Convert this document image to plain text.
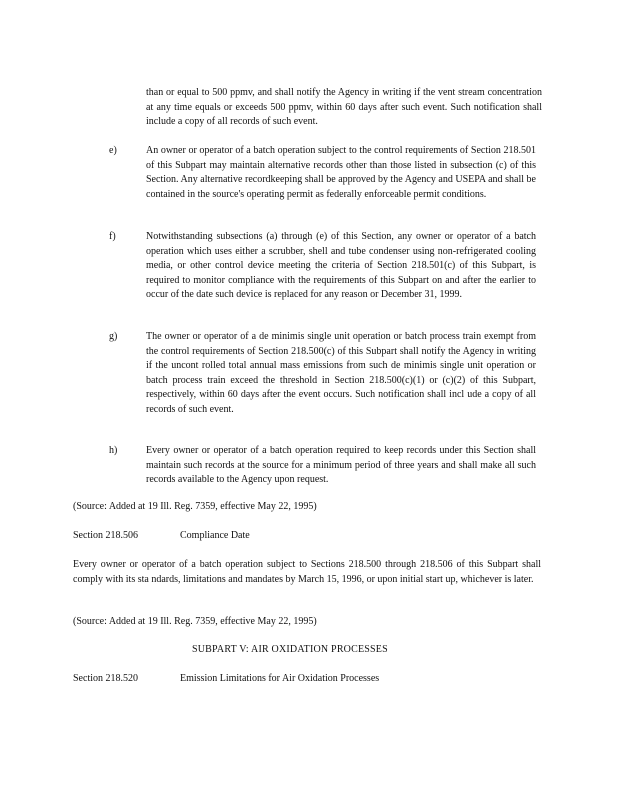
than or equal to 500 ppmv, and shall notify the Agency in writing if the vent stream concentration at any time equals or exceeds 500 ppmv, within 60 days after such event. Such notification shall include a copy of all records of such event.

e)	An owner or operator of a batch operation subject to the control requirements of Section 218.501 of this Subpart may maintain alternative records other than those listed in subsection (c) of this Section. Any alternative recordkeeping shall be approved by the Agency and USEPA and shall be contained in the source's operating permit as federally enforceable permit conditions.

f)	Notwithstanding subsections (a) through (e) of this Section, any owner or operator of a batch operation which uses either a scrubber, shell and tube condenser using non-refrigerated cooling media, or other control device meeting the criteria of Section 218.501(c) of this Subpart, is required to monitor compliance with the requirements of this Subpart on and after the earlier to occur of the date such device is replaced for any reason or December 31, 1999.

g)	The owner or operator of a de minimis single unit operation or batch process train exempt from the control requirements of Section 218.500(c) of this Subpart shall notify the Agency in writing if the uncont rolled total annual mass emissions from such de minimis single unit operation or batch process train exceed the threshold in Section 218.500(c)(1) or (c)(2) of this Subpart, respectively, within 60 days after the event occurs. Such notification shall incl ude a copy of all records of such event.

h)	Every owner or operator of a batch operation required to keep records under this Section shall maintain such records at the source for a minimum period of three years and shall make all such records available to the Agency upon request.

(Source: Added at 19 Ill. Reg. 7359, effective May 22, 1995)

Section 218.506	Compliance Date

Every owner or operator of a batch operation subject to Sections 218.500 through 218.506 of this Subpart shall comply with its sta ndards, limitations and mandates by March 15, 1996, or upon initial start up, whichever is later.

(Source: Added at 19 Ill. Reg. 7359, effective May 22, 1995)

SUBPART V: AIR OXIDATION PROCESSES

Section 218.520	Emission Limitations for Air Oxidation Processes
